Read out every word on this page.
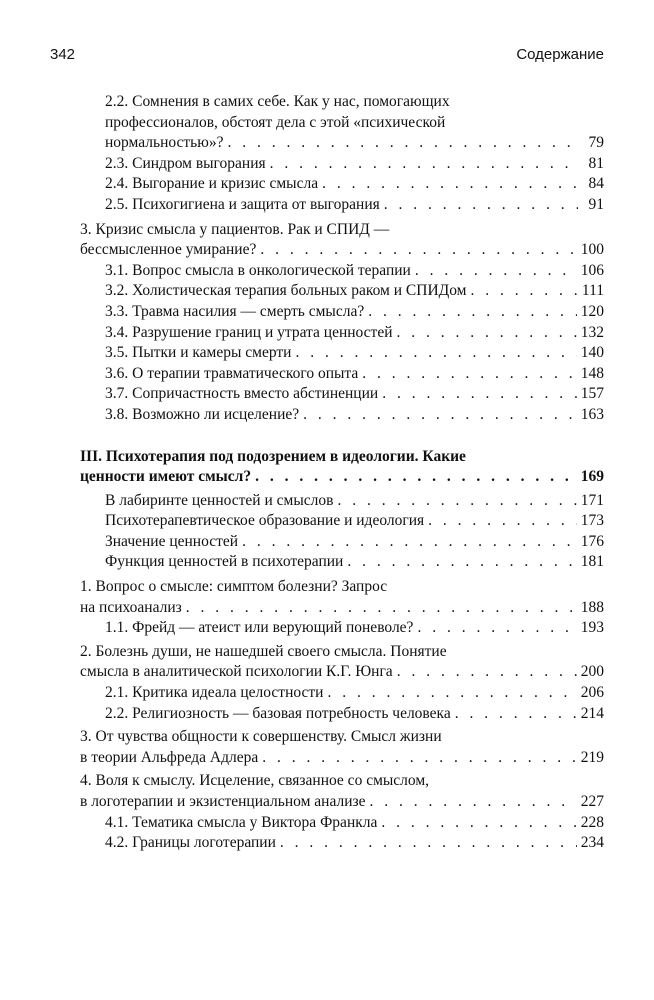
342	Содержание
2.2. Сомнения в самих себе. Как у нас, помогающих
профессионалов, обстоят дела с этой «психической
нормальностью»? . . .	79
2.3. Синдром выгорания . . .	81
2.4. Выгорание и кризис смысла . . .	84
2.5. Психогигиена и защита от выгорания . . .	91
3. Кризис смысла у пациентов. Рак и СПИД —
бессмысленное умирание? . . .	100
3.1. Вопрос смысла в онкологической терапии . . .	106
3.2. Холистическая терапия больных раком и СПИДом . . .	111
3.3. Травма насилия — смерть смысла? . . .	120
3.4. Разрушение границ и утрата ценностей . . .	132
3.5. Пытки и камеры смерти . . .	140
3.6. О терапии травматического опыта . . .	148
3.7. Сопричастность вместо абстиненции . . .	157
3.8. Возможно ли исцеление? . . .	163
III. Психотерапия под подозрением в идеологии. Какие
ценности имеют смысл? . . .	169
В лабиринте ценностей и смыслов . . .	171
Психотерапевтическое образование и идеология . . .	173
Значение ценностей . . .	176
Функция ценностей в психотерапии . . .	181
1. Вопрос о смысле: симптом болезни? Запрос
на психоанализ . . .	188
1.1. Фрейд — атеист или верующий поневоле? . . .	193
2. Болезнь души, не нашедшей своего смысла. Понятие
смысла в аналитической психологии К.Г. Юнга . . .	200
2.1. Критика идеала целостности . . .	206
2.2. Религиозность — базовая потребность человека . . .	214
3. От чувства общности к совершенству. Смысл жизни
в теории Альфреда Адлера . . .	219
4. Воля к смыслу. Исцеление, связанное со смыслом,
в логотерапии и экзистенциальном анализе . . .	227
4.1. Тематика смысла у Виктора Франкла . . .	228
4.2. Границы логотерапии . . .	234
